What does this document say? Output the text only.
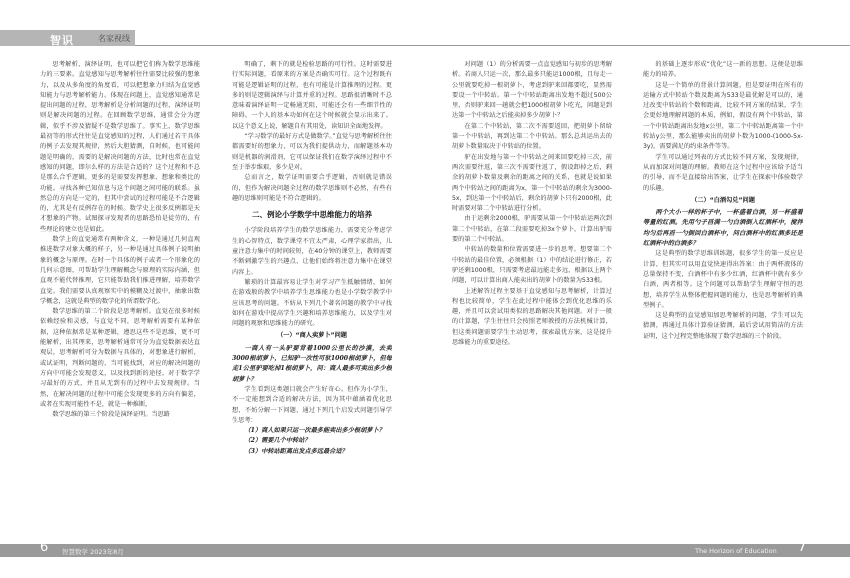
智识	名家视线

思考解析、演绎证明，也可以把它们称为数学思维能力的三要素。直觉感知与思考解析往往需要比较强的想象力，以及从多角度的角度看，可以把想象力归结为直觉感知能力与思考解析能力。体现在问题上，直觉感知通常是提出问题的过程，思考解析是分析问题的过程，演绎证明则是解决问题的过程。在回顾数学思维，通常会分为逻辑，似乎不涉及猜疑不是数学思维了。事实上，数学思维最初等的形式往往是直觉感知的过程，人们通过若干具体的例子去发现其规律，然后大胆猜测，自时候，也可能问题是明确的，需要的是解决问题的方法，比时也常在直觉感知的问题，即尔么样的方法是合适的？这个过程和不总是那么合乎逻辑，更多的是需要发挥想象、想象和类比的功能。寻找各种已知信息与这个问题之间可能的联系。虽然总的方向是一定的，但其中尝试的过程可能是不合逻辑的，尤其是有反例存在的时候。数学史上很多反例都是天才想象的产物。试图探寻发现者的思路恐怕是徒劳的，有些理论的建立也是如此。

数学上的直觉通常有两种含义，一种是通过几何直观推进数学对象大概的样子，另一种是通过具体例子说明抽象的概念与原理。在时一个具体的例子或者一个形象化的几何示意图，可帮助学生理解概念与原理的实际内涵，但直观不能代替推理，它只能帮助我们推进理解，培养数学直觉。我们需要认真观察实中的模糊及过渡中，抽象出数学概念，这就是典型的数学化的所谓数学化。

数学思维的第二个阶段是思考解析。直觉在很多时候依赖经验和灵感，与直觉不同，思考解析需要有某种依据，这种依据常是某种逻辑，遵思这些不是思维，更不可能解析，出其理来，思考解析通常可分为直觉数据表达直观层，思考解析可分为数据与具体的，对想象进行解析，或试证明，判断问题的，当可能找到，对应的解决问题的方向中可能会发现意义，以及找到新的途径。对于数学学习最好的方式，并且从无到有的过程中去发现规律。当然，在解决问题的过程中可能会发现更多的方向有偏差，或者在实现可能性不是，就是一种推断，

数学思维的第三个阶段是演绎证明。当思路

明确了，剩下的就是检验思路的可行性。这时需要进行实际问题，看原来的方案是否确实可行。这个过程既有可能是逻辑证明的过程，也有可能是计算推理的过程。更多的则是逻辑演绎与计算并重的过程。思路很清晰时不总意味着演绎证明一定畅通无阻，可能还会有一些细节性的障碍。一个人的基本功如何在这个时候就会显示出来了。以这个意义上说，解题自有其用处，读知识全面地发挥。

“学习数学的最好方式是做数学。”直觉与思考解析往往都需要好的想象力，可以为我们提供动力，而解题基本功则是机器的润滑剂，它可以保证我们在数学演绎过程中不至于举步维艰，多少是对。

总而言之，数学证明需要合乎逻辑，否则就是错误的，但作为解决问题全过程的数学思维则不必然，有些有趣的思维则可能是不符合逻辑的。

二、例论小学数学中思维能力的培养

小学阶段培养学生的数学思维能力，需要充分考虑学生的心智特点，数学课堂不宜太严肃，心理学家指出，儿童注意力集中的时间较短，在40分钟的课堂上，教师需要不断刺激学生的兴趣点，让他们始终将注意力集中在课堂内容上。

繁琐的计算最容易让学生对学习产生抵触情绪，如何在游戏般的教学中培养学生思维能力也是小学数学教学中应该思考的问题。不妨从下列几个著名问题的教学中寻找如何在游戏中提高学生兴趣和培养思维能力，以及学生对问题的观察和思维能力的研究。

（一）“商人卖萝卜”问题

一商人有一头驴要背着1000公里长的沙漠，去卖3000根胡萝卜，已知驴一次性可驮1000根胡萝卜，但每走1公里驴要吃掉1根胡萝卜，问：商人最多可卖出多少根胡萝卜？

学生看到这类题目就会产生好奇心。但作为小学生，不一定能想到合适的解决方法，因为其中蕴涵着优化思想，不妨分解一下问题，通过下列几个启发式问题引导学生思考：

（1）商人如果只运一次最多能卖出多少根胡萝卜？

（2）需要几个中转站？

（3）中转站距离出发点多远最合适？

对问题（1）的分析需要一点直觉感知与初步的思考解析。若商人只运一次，那么最多只能运1000根，且每走一公里就要吃掉一根胡萝卜，考虑到驴来回都要吃，显然需要设一个中转站。第一个中转站距离出发地不超过500公里，否则驴来回一趟就会把1000根胡萝卜吃光，问题是到达第一个中转站之后能卖掉多少胡萝卜？

在第二个中转站，第二次不需要返回，把胡萝卜留给第一个中转站，再到达第二个中转站。那么总共运出去的胡萝卜数量取决于中转站的位置。

驴在出发地与第一个中转站之间来回要吃掉三次，前两次需要往返，第三次不需要往返了，假设卸掉之后，剩余的胡萝卜数量及剩余的距离之间的关系，也就是说如果两个中转站之间的距离为x，第一个中转站的剩余为3000-5x，到达第一个中转站后，剩余的胡萝卜只有2000根，此时需要对第二个中转站进行分析。

由于运剩余2000根，驴需要从第一个中转站运两次到第二个中转站，在第二段需要吃掉3x个萝卜，计算出驴需要的第二个中转站。

中转站的数量和位置需要进一步的思考。想要第二个中转站的最佳位置，必须根据（1）中的结论进行修正，若驴还剩1000根，只需要考虑最远能走多远，根据以上两个问题，可以计算出商人能卖出的胡萝卜的数量为533根。

上述解答过程主要基于直觉感知与思考解析，计算过程也比较简单，学生在此过程中能体会到优化思维的乐趣，并且可以尝试用类似的思路解决其他问题。对于一般的计算题，学生往往只会按照老师教授的方法机械计算，但这类问题需要学生主动思考，探索最优方案，这是提升思维能力的重要途径。

的基础上逐步形成“优化”这一新的思想。这便是思维能力的培养。

这是一个简单的背景计算问题，但是要证明在所有的运输方式中转站个数及距离为533是最优解是可以的，通过改变中转站的个数和距离，比较不同方案的结果，学生会更好地理解问题的本质，例如，假设有两个中转站，第一个中转站距离出发地x公里，第二个中转站距离第一个中转站y公里，那么能够卖出的胡萝卜数为1000-(1000-5x-3y)，需要满足的约束条件等等。

学生可以通过列表的方式比较不同方案，发现规律，从而加深对问题的理解。教师在这个过程中应该给予适当的引导，而不是直接给出答案，让学生在探索中体验数学的乐趣。

（二）“白酒勾兑”问题

两个大小一样的杯子中，一杯盛着白酒，另一杯盛着等量的红酒。先用勺子舀满一勺白酒倒入红酒杯中，搅拌均匀后再舀一勺倒回白酒杯中，问白酒杯中的红酒多还是红酒杯中的白酒多？

这是典型的数学思维训练题，很多学生的第一反应是计算，但其实可以用直觉快速得出答案：由于两杯液体的总量保持不变，白酒杯中有多少红酒，红酒杯中就有多少白酒，两者相等。这个问题可以帮助学生理解守恒的思想，培养学生从整体把握问题的能力，也是思考解析的典型例子。

这是典型的直觉感知加思考解析的问题，学生可以先猜测，再通过具体计算验证猜测，最后尝试用简洁的方法证明，这个过程完整地体现了数学思维的三个阶段。

6 智慧数学 2023年8月	The Horizon of Education 7
